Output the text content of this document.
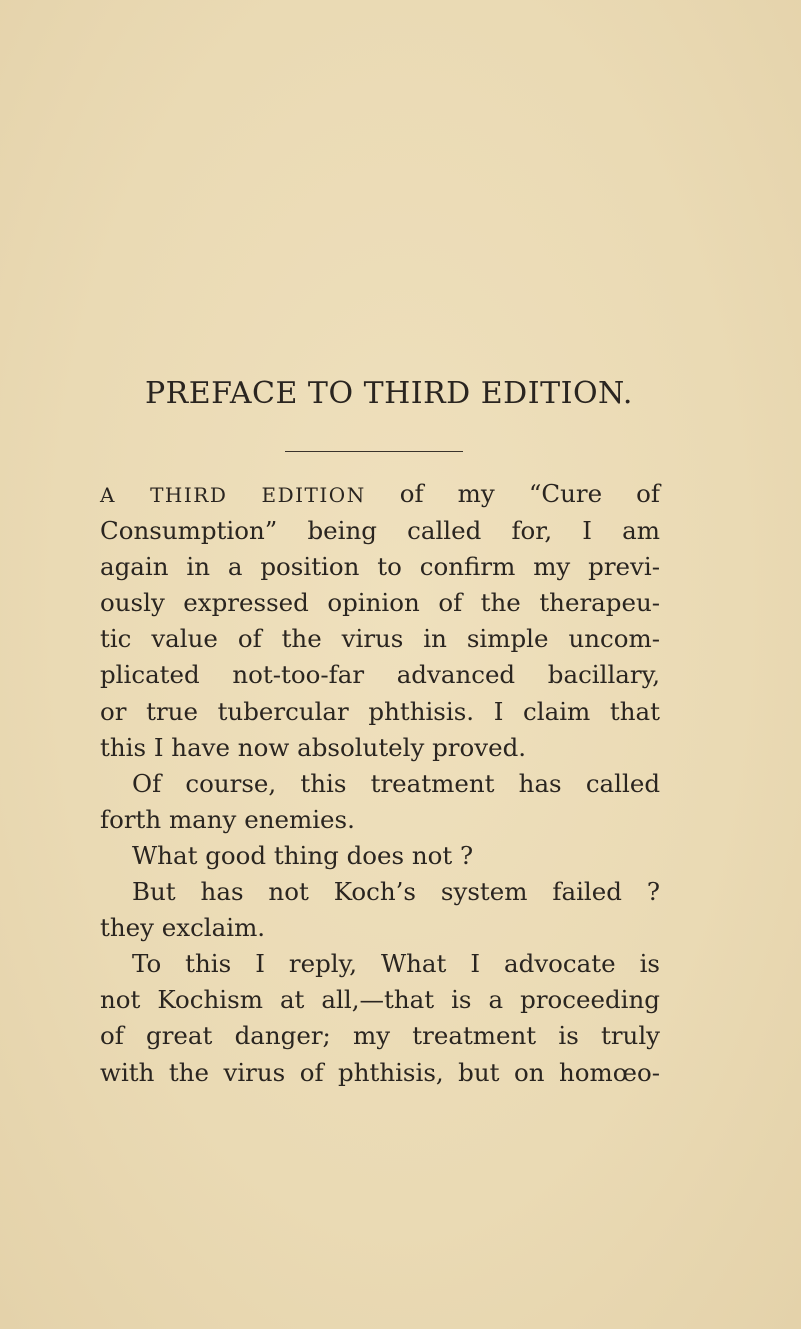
PREFACE TO THIRD EDITION.
A THIRD EDITION of my “Cure of
Consumption” being called for, I am
again in a position to confirm my previ-
ously expressed opinion of the therapeu-
tic value of the virus in simple uncom-
plicated not-too-far advanced bacillary,
or true tubercular phthisis. I claim that
this I have now absolutely proved.
Of course, this treatment has called
forth many enemies.
What good thing does not ?
But has not Koch’s system failed ?
they exclaim.
To this I reply, What I advocate is
not Kochism at all,—that is a proceeding
of great danger; my treatment is truly
with the virus of phthisis, but on homœo-
